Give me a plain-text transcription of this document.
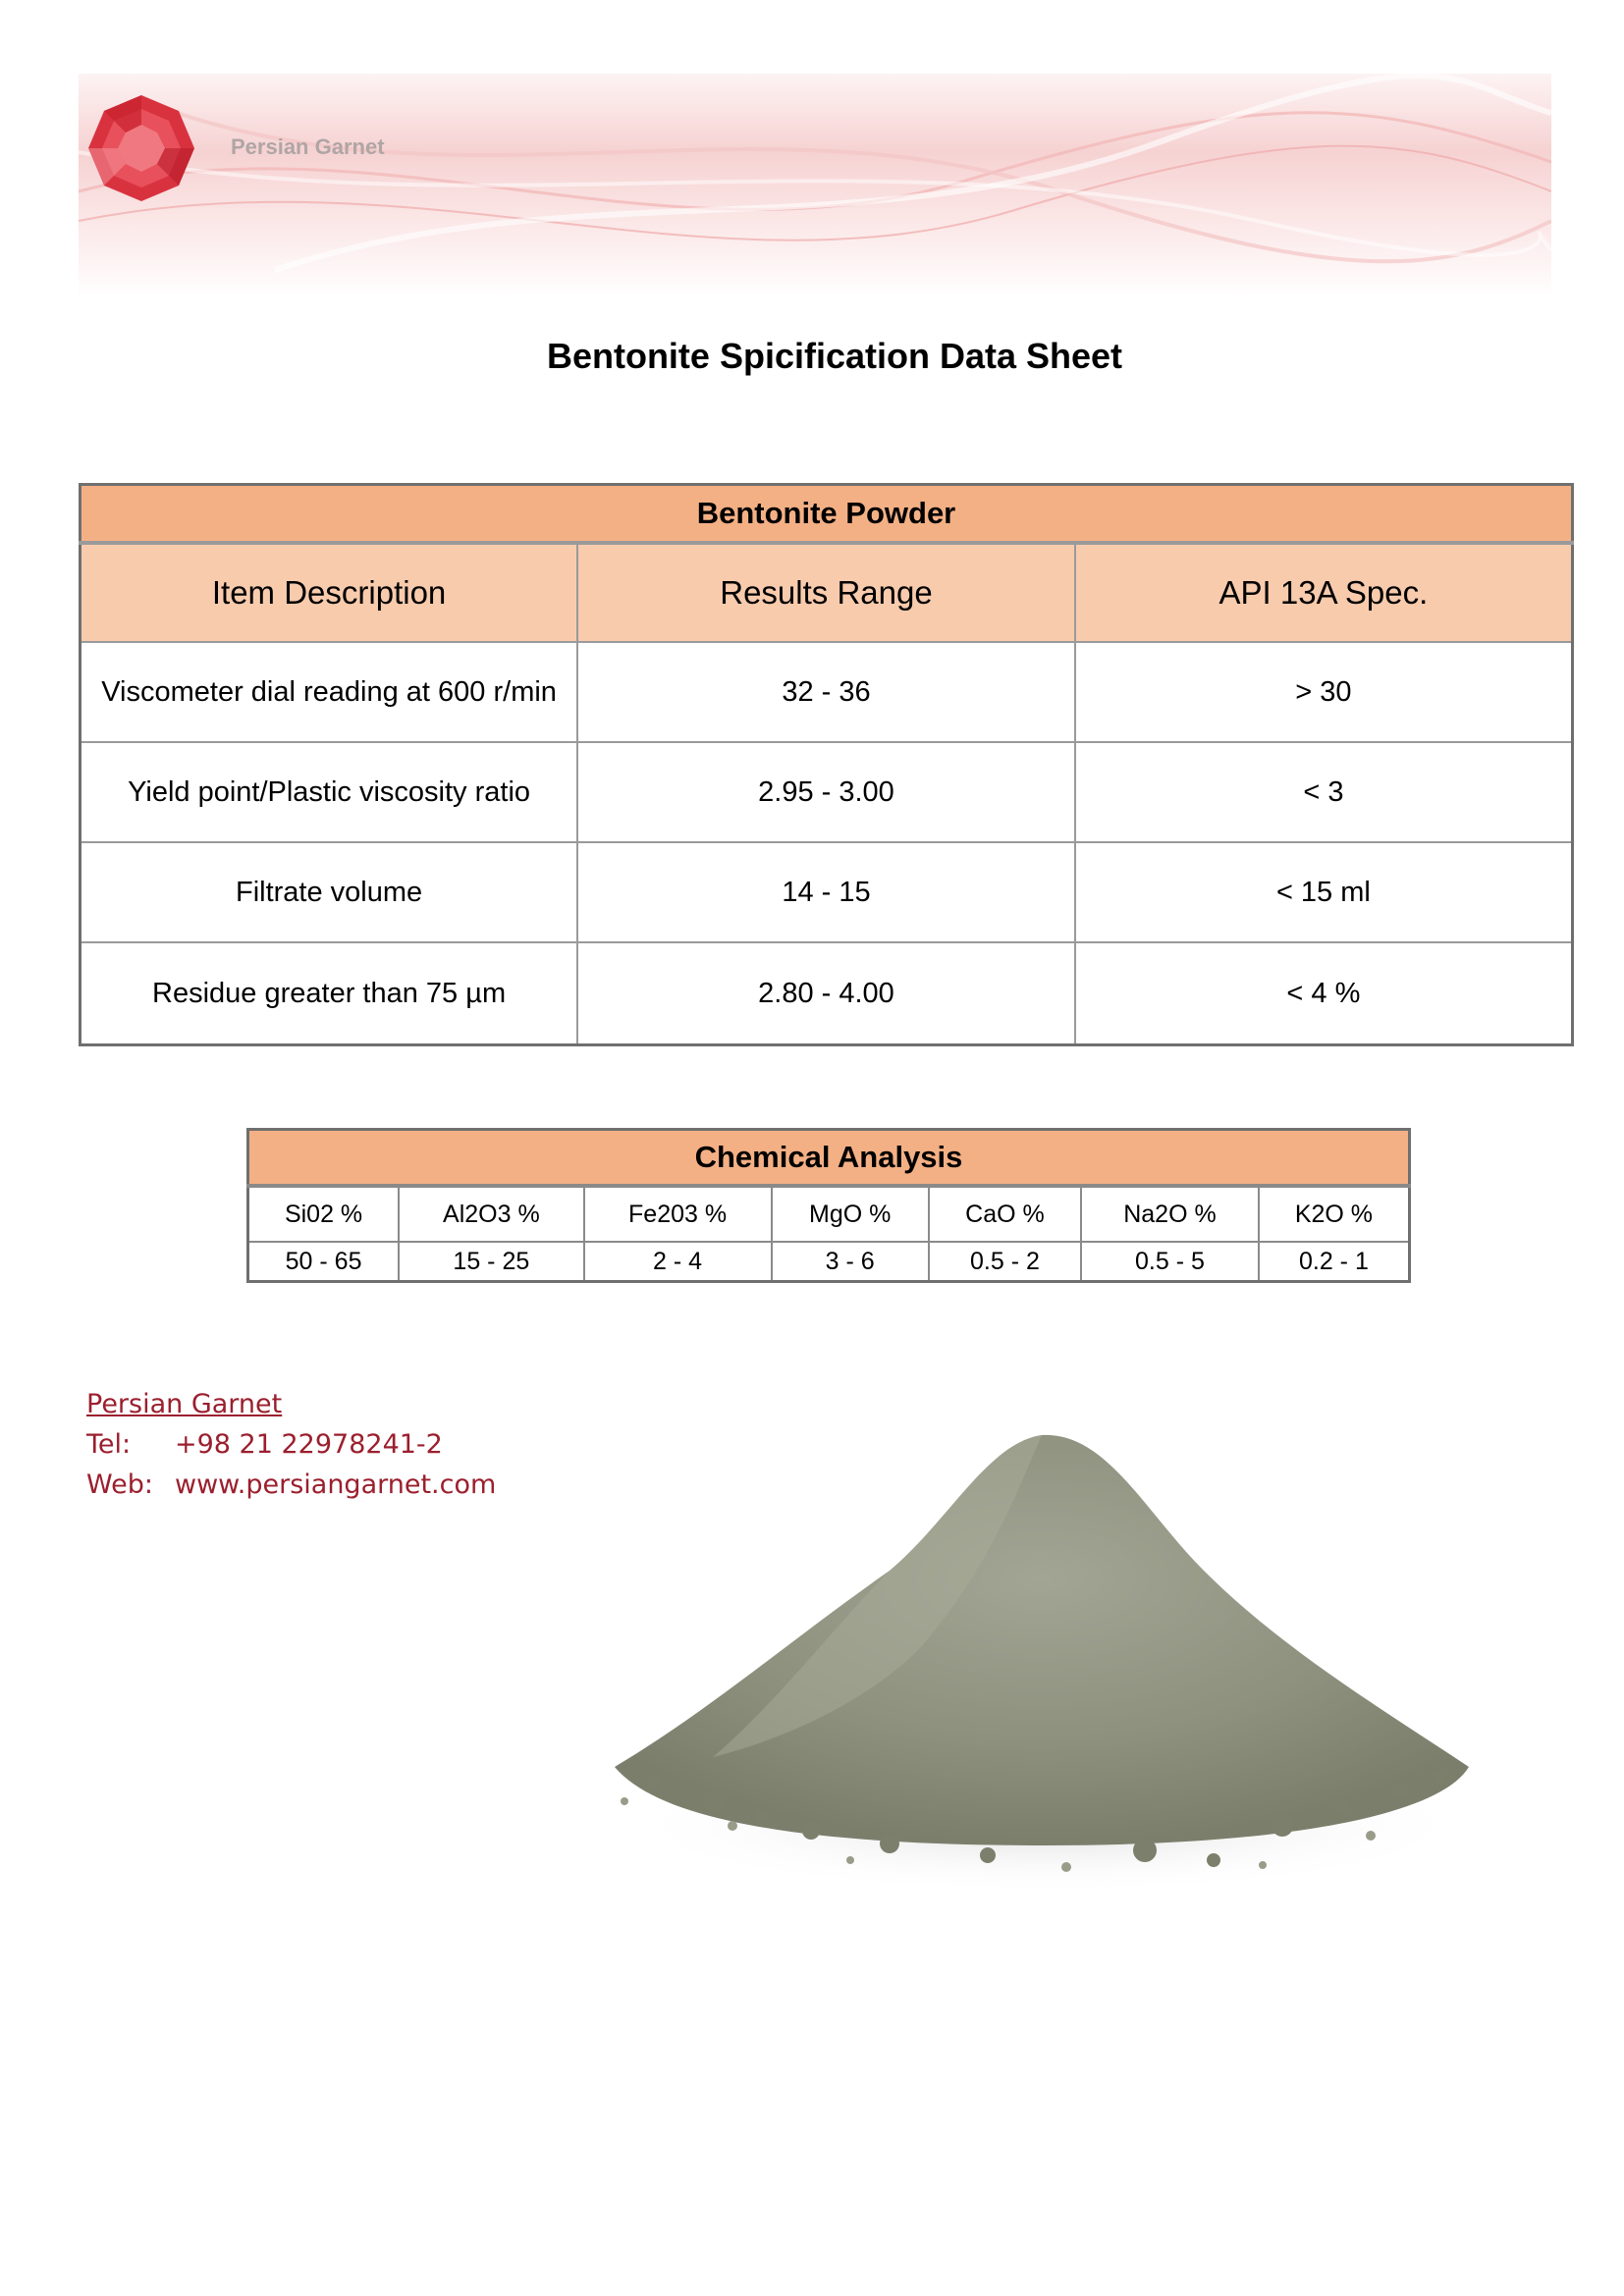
Persian Garnet
Bentonite Spicification Data Sheet
Bentonite Powder		
Item Description	Results Range	API 13A Spec.
Viscometer dial reading at 600 r/min	32 - 36	> 30
Yield point/Plastic viscosity ratio	2.95 - 3.00	< 3
Filtrate volume	14 - 15	< 15 ml
Residue greater than 75 µm	2.80 - 4.00	< 4 %
Chemical Analysis						
Si02 %	Al2O3 %	Fe203 %	MgO %	CaO %	Na2O %	K2O %
50 - 65	15 - 25	2 - 4	3 - 6	0.5 - 2	0.5 - 5	0.2 - 1
Persian Garnet
Tel: +98 21 22978241-2
Web: www.persiangarnet.com
